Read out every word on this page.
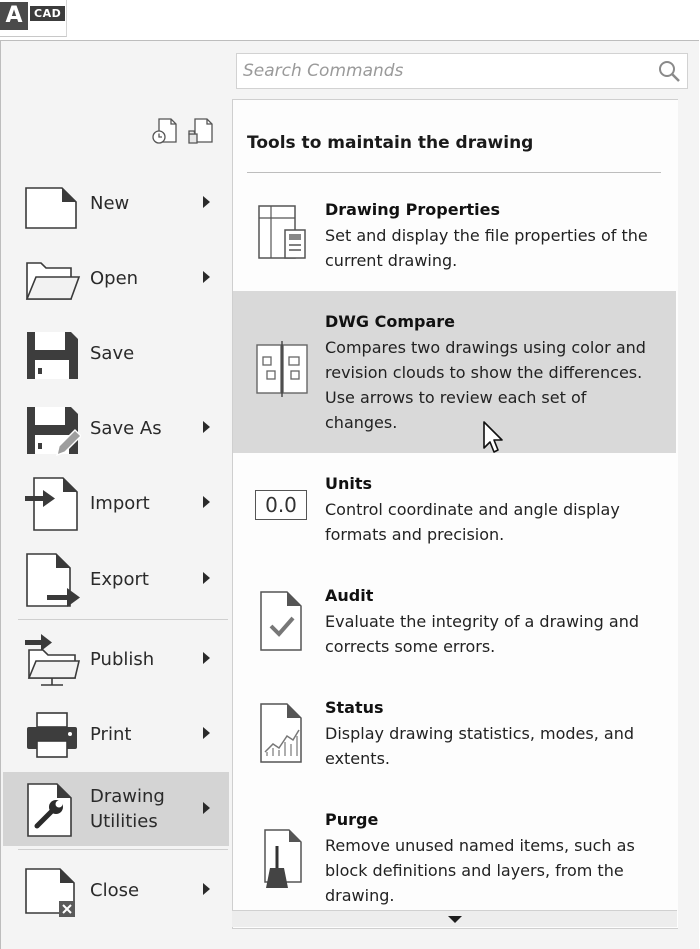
A	CAD
Search Commands
New
Open
Save
Save As
Import
Export
Publish
Print
Drawing
Utilities
Close
Tools to maintain the drawing
Drawing Properties
Set and display the file properties of the current drawing.
DWG Compare
Compares two drawings using color and revision clouds to show the differences. Use arrows to review each set of changes.
0.0
Units
Control coordinate and angle display formats and precision.
Audit
Evaluate the integrity of a drawing and corrects some errors.
Status
Display drawing statistics, modes, and extents.
Purge
Remove unused named items, such as block definitions and layers, from the drawing.
